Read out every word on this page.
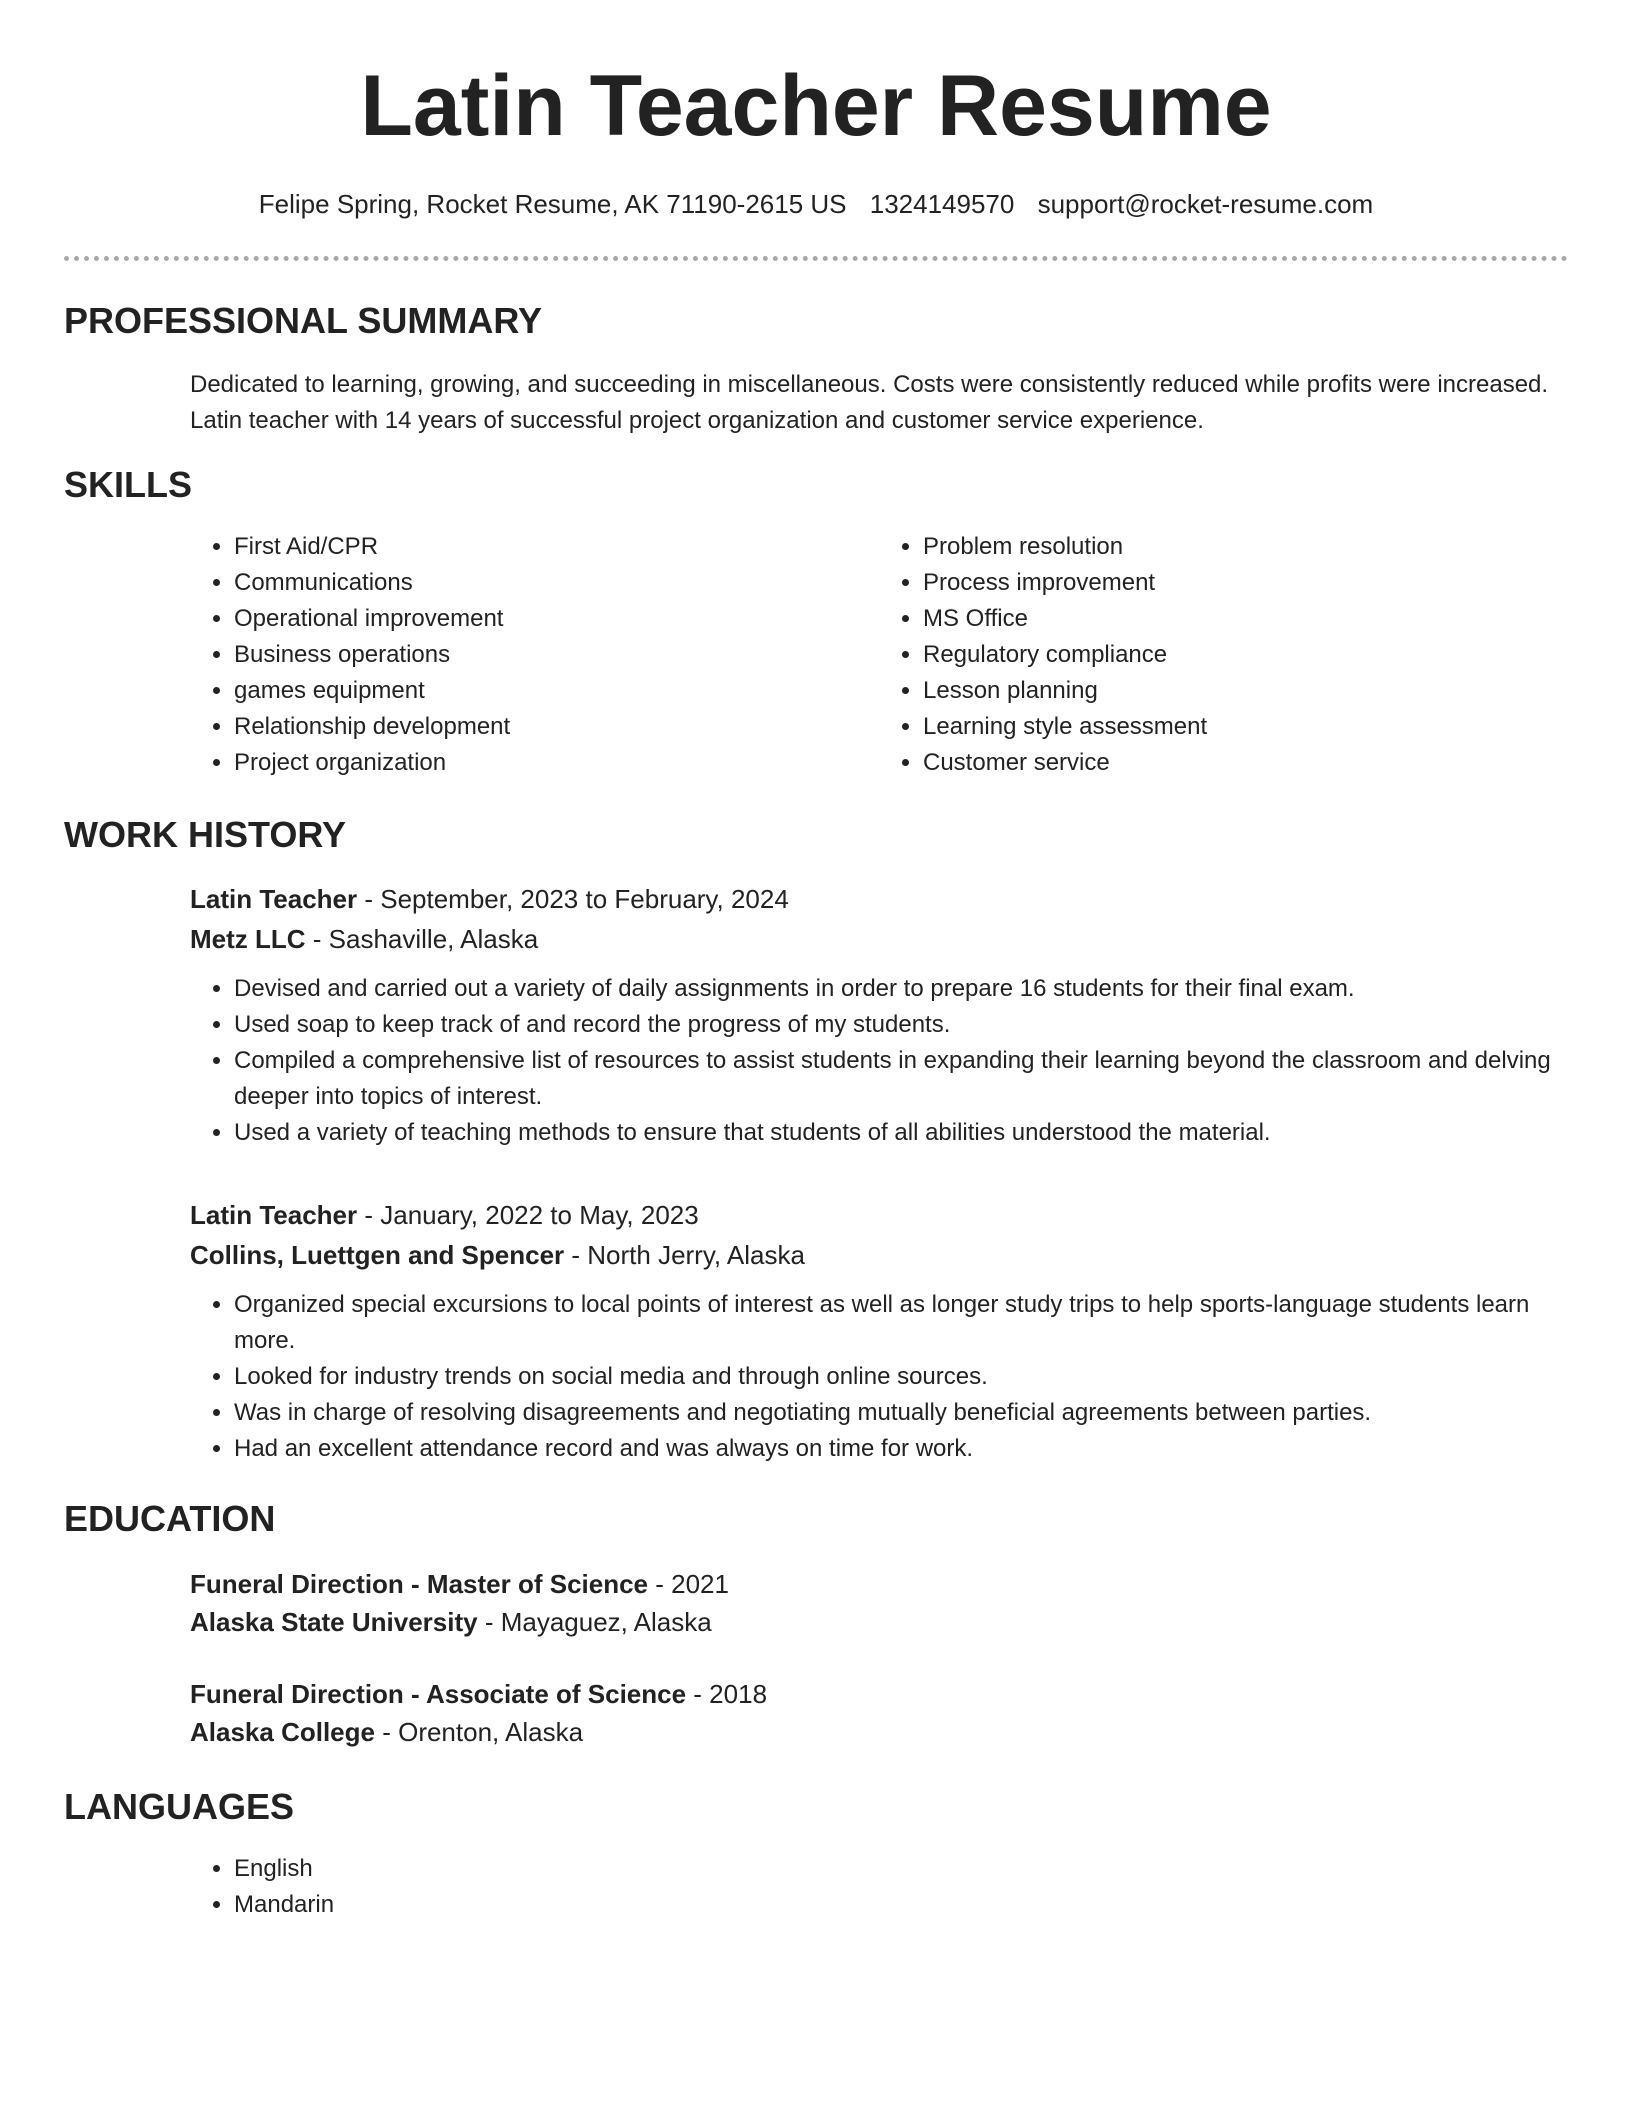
Latin Teacher Resume
Felipe Spring, Rocket Resume, AK 71190-2615 US 1324149570 support@rocket-resume.com
PROFESSIONAL SUMMARY

Dedicated to learning, growing, and succeeding in miscellaneous. Costs were consistently reduced while profits were increased. Latin teacher with 14 years of successful project organization and customer service experience.

SKILLS
• First Aid/CPR
• Communications
• Operational improvement
• Business operations
• games equipment
• Relationship development
• Project organization
• Problem resolution
• Process improvement
• MS Office
• Regulatory compliance
• Lesson planning
• Learning style assessment
• Customer service
WORK HISTORY
Latin Teacher - September, 2023 to February, 2024
Metz LLC - Sashaville, Alaska
• Devised and carried out a variety of daily assignments in order to prepare 16 students for their final exam.
• Used soap to keep track of and record the progress of my students.
• Compiled a comprehensive list of resources to assist students in expanding their learning beyond the classroom and delving deeper into topics of interest.
• Used a variety of teaching methods to ensure that students of all abilities understood the material.
Latin Teacher - January, 2022 to May, 2023
Collins, Luettgen and Spencer - North Jerry, Alaska
• Organized special excursions to local points of interest as well as longer study trips to help sports-language students learn more.
• Looked for industry trends on social media and through online sources.
• Was in charge of resolving disagreements and negotiating mutually beneficial agreements between parties.
• Had an excellent attendance record and was always on time for work.
EDUCATION
Funeral Direction - Master of Science - 2021
Alaska State University - Mayaguez, Alaska
Funeral Direction - Associate of Science - 2018
Alaska College - Orenton, Alaska
LANGUAGES
• English
• Mandarin
